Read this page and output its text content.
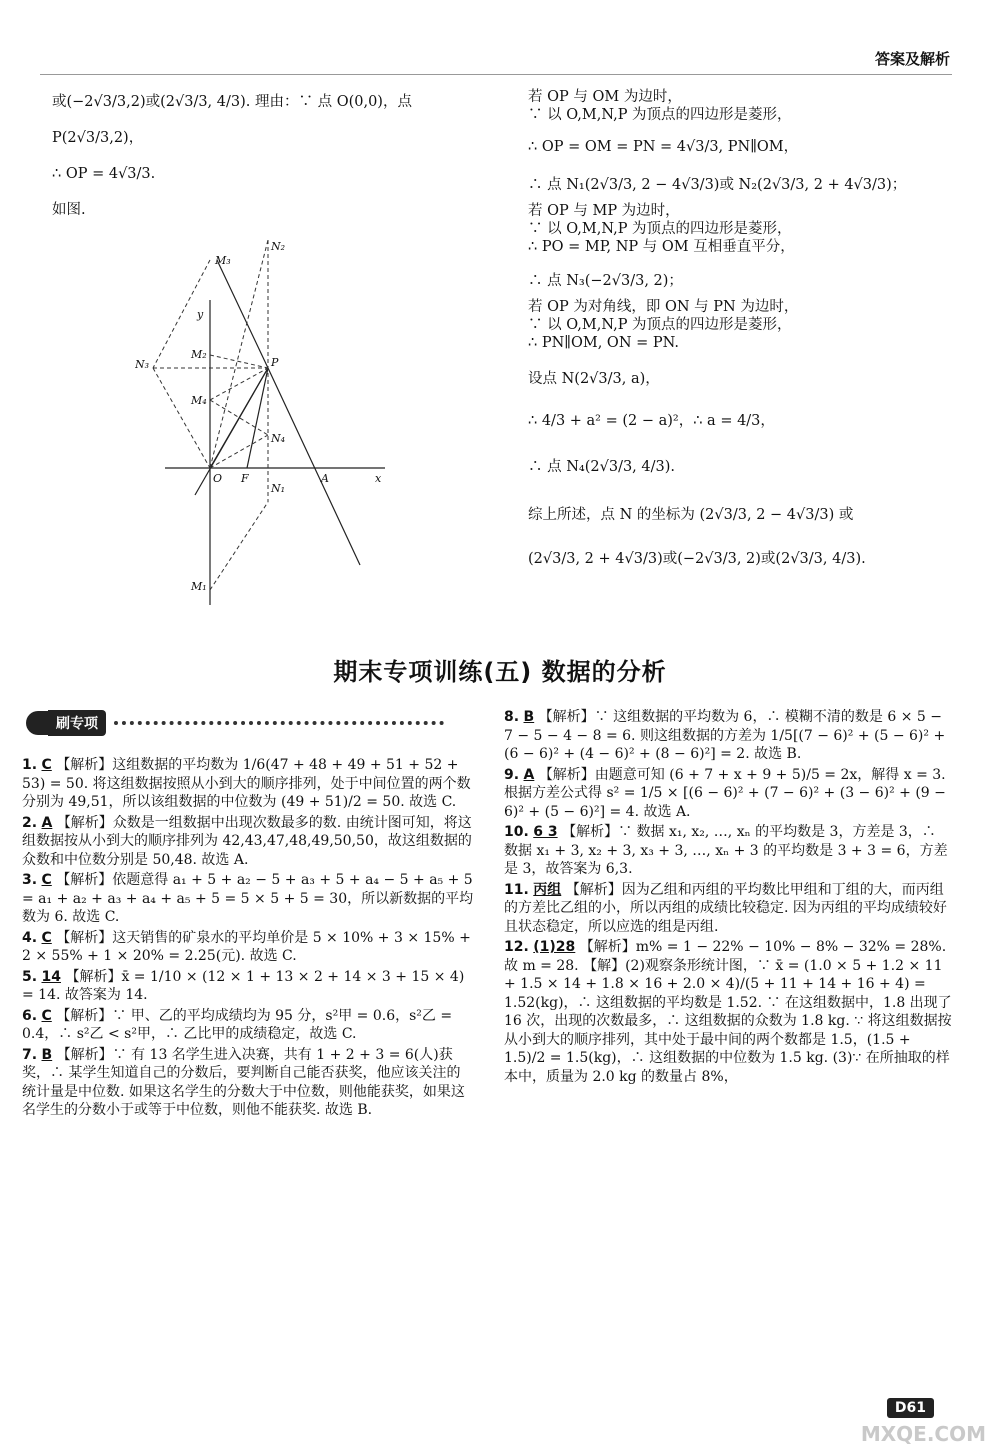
答案及解析
或(−2√3/3,2)或(2√3/3, 4/3). 理由：∵ 点 O(0,0)，点
P(2√3/3,2)，
∴ OP = 4√3/3.
如图.
M₃
N₂
y
M₂
N₃	P
M₄
N₄
O F
N₁
A	x
M₁
若 OP 与 OM 为边时，
∵ 以 O,M,N,P 为顶点的四边形是菱形，
∴ OP = OM = PN = 4√3/3, PN∥OM，
∴ 点 N₁(2√3/3, 2 − 4√3/3)或 N₂(2√3/3, 2 + 4√3/3)；
若 OP 与 MP 为边时，
∵ 以 O,M,N,P 为顶点的四边形是菱形，
∴ PO = MP, NP 与 OM 互相垂直平分，
∴ 点 N₃(−2√3/3, 2)；
若 OP 为对角线，即 ON 与 PN 为边时，
∵ 以 O,M,N,P 为顶点的四边形是菱形，
∴ PN∥OM, ON = PN.
设点 N(2√3/3, a)，
∴ 4/3 + a² = (2 − a)²，∴ a = 4/3，
∴ 点 N₄(2√3/3, 4/3).
综上所述，点 N 的坐标为 (2√3/3, 2 − 4√3/3) 或
(2√3/3, 2 + 4√3/3)或(−2√3/3, 2)或(2√3/3, 4/3).
期末专项训练(五) 数据的分析
刷专项
1. C 【解析】这组数据的平均数为 1/6(47 + 48 + 49 + 51 + 52 + 53) = 50. 将这组数据按照从小到大的顺序排列，处于中间位置的两个数分别为 49,51，所以该组数据的中位数为 (49 + 51)/2 = 50. 故选 C.
2. A 【解析】众数是一组数据中出现次数最多的数. 由统计图可知，将这组数据按从小到大的顺序排列为 42,43,47,48,49,50,50，故这组数据的众数和中位数分别是 50,48. 故选 A.
3. C 【解析】依题意得 a₁ + 5 + a₂ − 5 + a₃ + 5 + a₄ − 5 + a₅ + 5 = a₁ + a₂ + a₃ + a₄ + a₅ + 5 = 5 × 5 + 5 = 30，所以新数据的平均数为 6. 故选 C.
4. C 【解析】这天销售的矿泉水的平均单价是 5 × 10% + 3 × 15% + 2 × 55% + 1 × 20% = 2.25(元). 故选 C.
5. 14 【解析】x̄ = 1/10 × (12 × 1 + 13 × 2 + 14 × 3 + 15 × 4) = 14. 故答案为 14.
6. C 【解析】∵ 甲、乙的平均成绩均为 95 分，s²甲 = 0.6，s²乙 = 0.4，∴ s²乙 < s²甲，∴ 乙比甲的成绩稳定，故选 C.
7. B 【解析】∵ 有 13 名学生进入决赛，共有 1 + 2 + 3 = 6(人)获奖，∴ 某学生知道自己的分数后，要判断自己能否获奖，他应该关注的统计量是中位数. 如果这名学生的分数大于中位数，则他能获奖，如果这名学生的分数小于或等于中位数，则他不能获奖. 故选 B.
8. B 【解析】∵ 这组数据的平均数为 6，∴ 模糊不清的数是 6 × 5 − 7 − 5 − 4 − 8 = 6. 则这组数据的方差为 1/5[(7 − 6)² + (5 − 6)² + (6 − 6)² + (4 − 6)² + (8 − 6)²] = 2. 故选 B.
9. A 【解析】由题意可知 (6 + 7 + x + 9 + 5)/5 = 2x，解得 x = 3. 根据方差公式得 s² = 1/5 × [(6 − 6)² + (7 − 6)² + (3 − 6)² + (9 − 6)² + (5 − 6)²] = 4. 故选 A.
10. 6 3 【解析】∵ 数据 x₁, x₂, …, xₙ 的平均数是 3，方差是 3，∴ 数据 x₁ + 3, x₂ + 3, x₃ + 3, …, xₙ + 3 的平均数是 3 + 3 = 6，方差是 3，故答案为 6,3.
11. 丙组 【解析】因为乙组和丙组的平均数比甲组和丁组的大，而丙组的方差比乙组的小，所以丙组的成绩比较稳定. 因为丙组的平均成绩较好且状态稳定，所以应选的组是丙组.
12. (1)28 【解析】m% = 1 − 22% − 10% − 8% − 32% = 28%. 故 m = 28. 【解】(2)观察条形统计图，∵ x̄ = (1.0 × 5 + 1.2 × 11 + 1.5 × 14 + 1.8 × 16 + 2.0 × 4)/(5 + 11 + 14 + 16 + 4) = 1.52(kg)，∴ 这组数据的平均数是 1.52. ∵ 在这组数据中，1.8 出现了 16 次，出现的次数最多，∴ 这组数据的众数为 1.8 kg. ∵ 将这组数据按从小到大的顺序排列，其中处于最中间的两个数都是 1.5，(1.5 + 1.5)/2 = 1.5(kg)，∴ 这组数据的中位数为 1.5 kg. (3)∵ 在所抽取的样本中，质量为 2.0 kg 的数量占 8%，
D61
MXQE.COM
